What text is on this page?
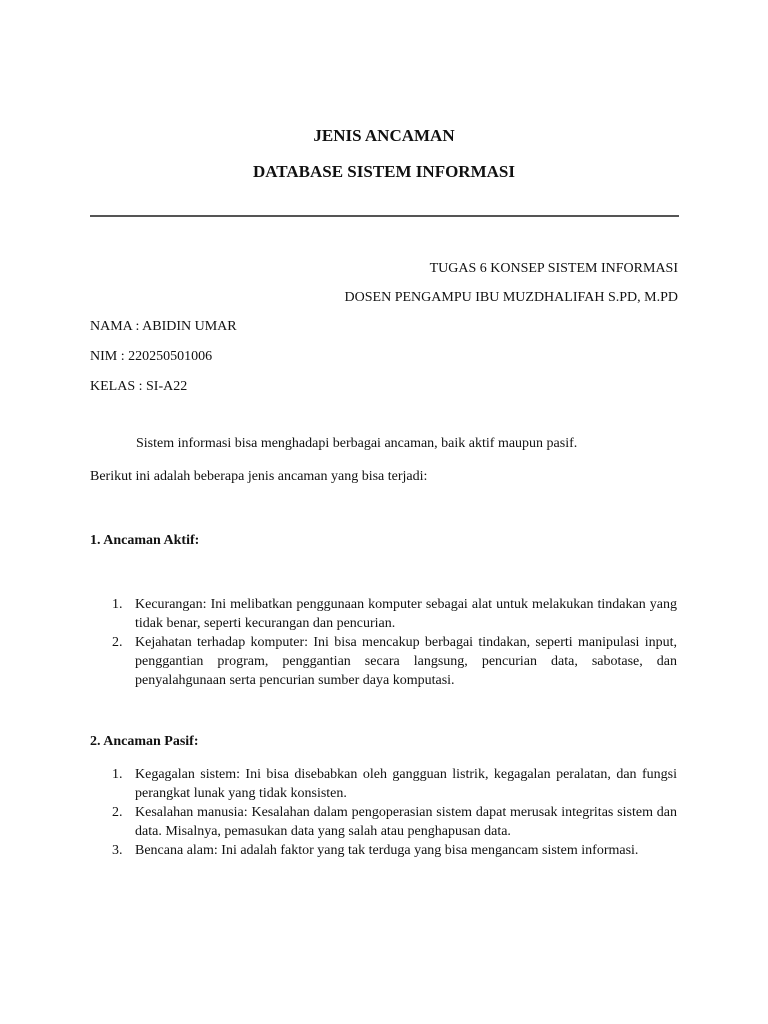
JENIS ANCAMAN
DATABASE SISTEM INFORMASI
TUGAS 6 KONSEP SISTEM INFORMASI
DOSEN PENGAMPU IBU MUZDHALIFAH S.PD, M.PD
NAMA : ABIDIN UMAR
NIM : 220250501006
KELAS : SI-A22
Sistem informasi bisa menghadapi berbagai ancaman, baik aktif maupun pasif.
Berikut ini adalah beberapa jenis ancaman yang bisa terjadi:
1. Ancaman Aktif:
1. Kecurangan: Ini melibatkan penggunaan komputer sebagai alat untuk melakukan tindakan yang tidak benar, seperti kecurangan dan pencurian.
2. Kejahatan terhadap komputer: Ini bisa mencakup berbagai tindakan, seperti manipulasi input, penggantian program, penggantian secara langsung, pencurian data, sabotase, dan penyalahgunaan serta pencurian sumber daya komputasi.
2. Ancaman Pasif:
1. Kegagalan sistem: Ini bisa disebabkan oleh gangguan listrik, kegagalan peralatan, dan fungsi perangkat lunak yang tidak konsisten.
2. Kesalahan manusia: Kesalahan dalam pengoperasian sistem dapat merusak integritas sistem dan data. Misalnya, pemasukan data yang salah atau penghapusan data.
3. Bencana alam: Ini adalah faktor yang tak terduga yang bisa mengancam sistem informasi.
